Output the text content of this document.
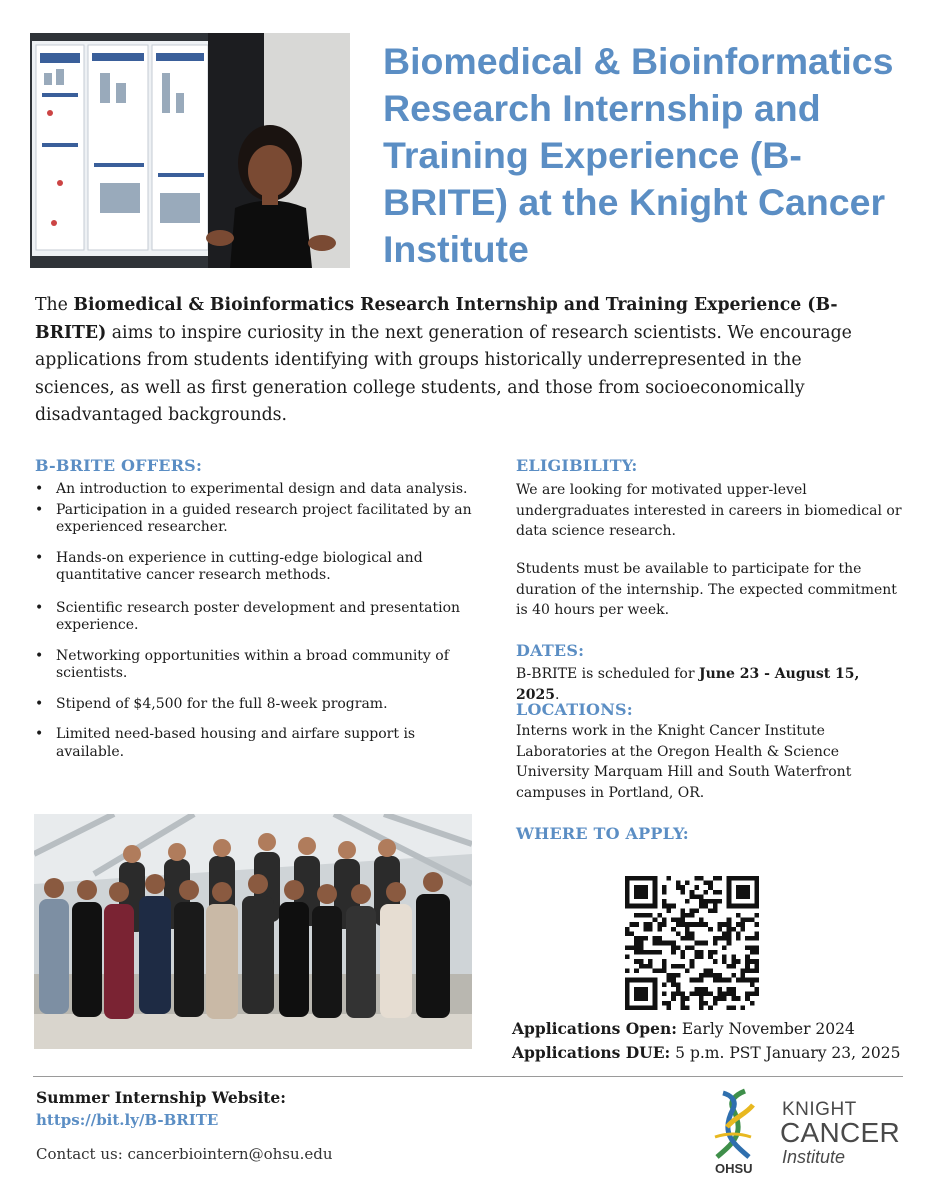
Biomedical & Bioinformatics Research Internship and Training Experience (B-BRITE) at the Knight Cancer Institute

The Biomedical & Bioinformatics Research Internship and Training Experience (B-BRITE) aims to inspire curiosity in the next generation of research scientists. We encourage applications from students identifying with groups historically underrepresented in the sciences, as well as first generation college students, and those from socioeconomically disadvantaged backgrounds.

B-BRITE OFFERS:
• An introduction to experimental design and data analysis.
• Participation in a guided research project facilitated by an experienced researcher.
• Hands-on experience in cutting-edge biological and quantitative cancer research methods.
• Scientific research poster development and presentation experience.
• Networking opportunities within a broad community of scientists.
• Stipend of $4,500 for the full 8-week program.
• Limited need-based housing and airfare support is available.
ELIGIBILITY:

We are looking for motivated upper-level undergraduates interested in careers in biomedical or data science research.

Students must be available to participate for the duration of the internship. The expected commitment is 40 hours per week.

DATES:

B-BRITE is scheduled for June 23 - August 15, 2025.

LOCATIONS:

Interns work in the Knight Cancer Institute Laboratories at the Oregon Health & Science University Marquam Hill and South Waterfront campuses in Portland, OR.

WHERE TO APPLY:
Applications Open: Early November 2024
Applications DUE: 5 p.m. PST January 23, 2025
Summer Internship Website:
https://bit.ly/B-BRITE
Contact us: cancerbiointern@ohsu.edu
KNIGHT
CANCER
Institute
OHSU
